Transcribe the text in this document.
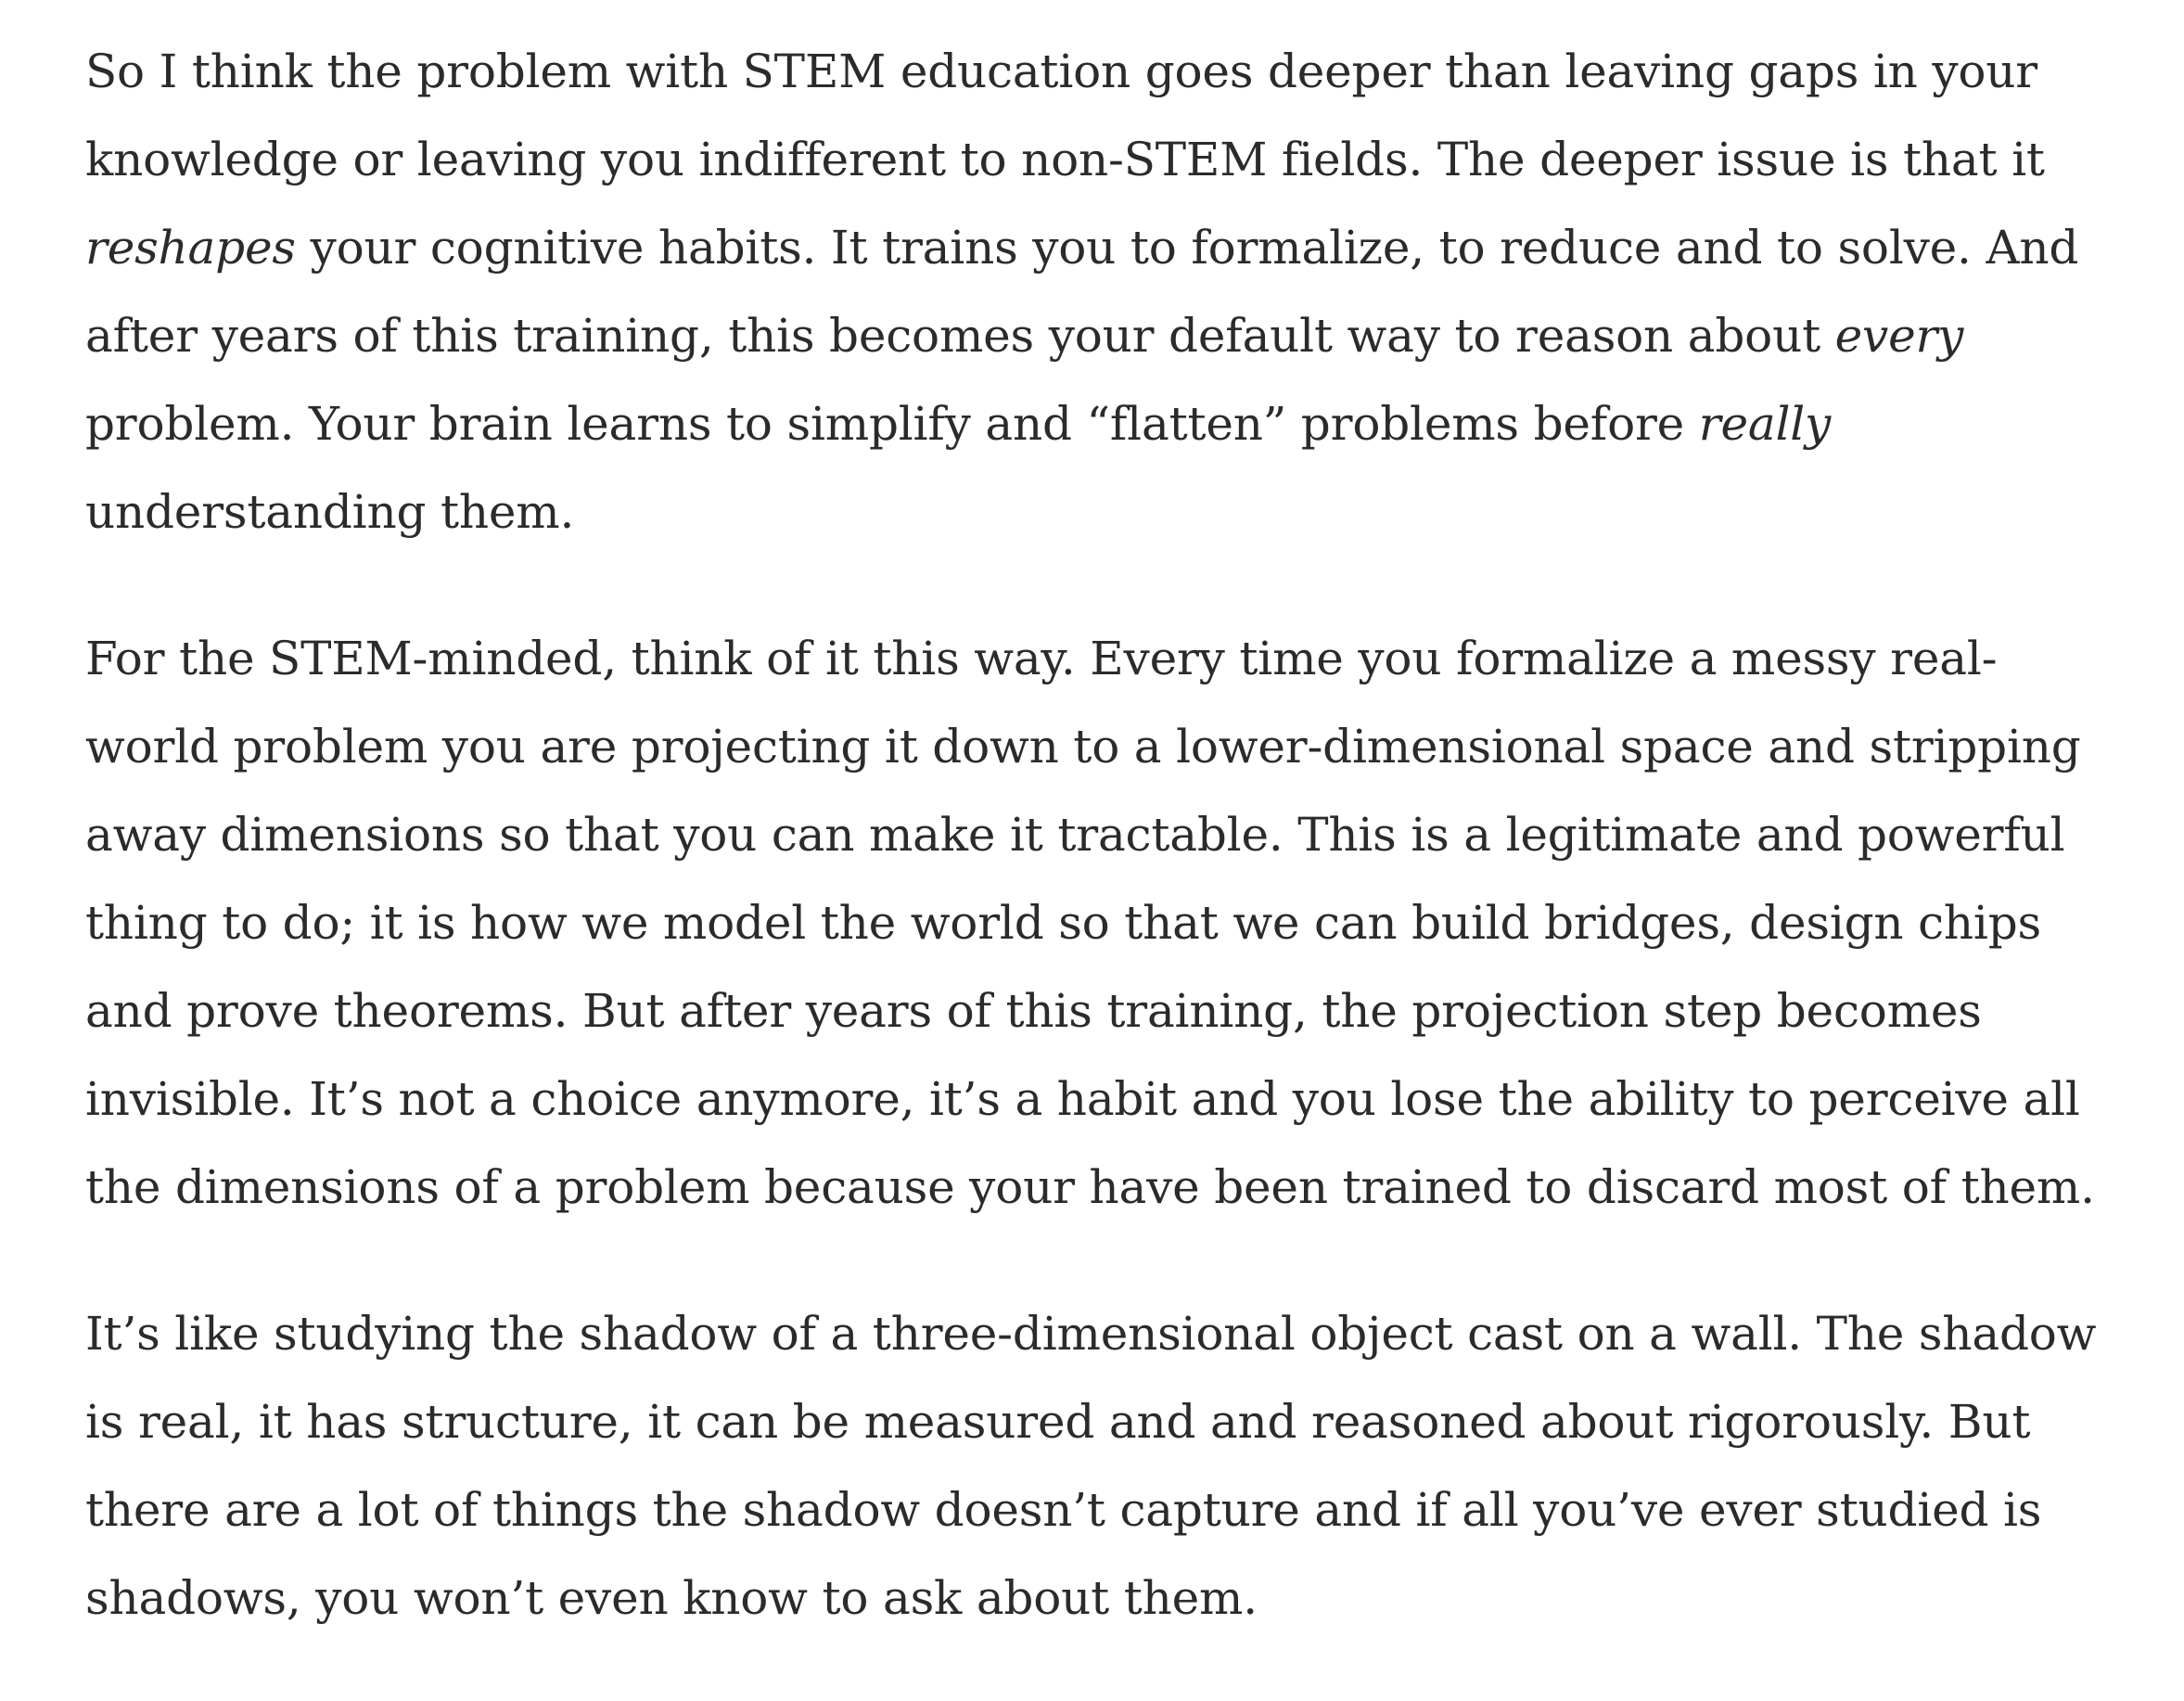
So I think the problem with STEM education goes deeper than leaving gaps in your
knowledge or leaving you indifferent to non-STEM fields. The deeper issue is that it
reshapes your cognitive habits. It trains you to formalize, to reduce and to solve. And
after years of this training, this becomes your default way to reason about every
problem. Your brain learns to simplify and “flatten” problems before really
understanding them.

For the STEM-minded, think of it this way. Every time you formalize a messy real-
world problem you are projecting it down to a lower-dimensional space and stripping
away dimensions so that you can make it tractable. This is a legitimate and powerful
thing to do; it is how we model the world so that we can build bridges, design chips
and prove theorems. But after years of this training, the projection step becomes
invisible. It’s not a choice anymore, it’s a habit and you lose the ability to perceive all
the dimensions of a problem because your have been trained to discard most of them.

It’s like studying the shadow of a three-dimensional object cast on a wall. The shadow
is real, it has structure, it can be measured and and reasoned about rigorously. But
there are a lot of things the shadow doesn’t capture and if all you’ve ever studied is
shadows, you won’t even know to ask about them.
